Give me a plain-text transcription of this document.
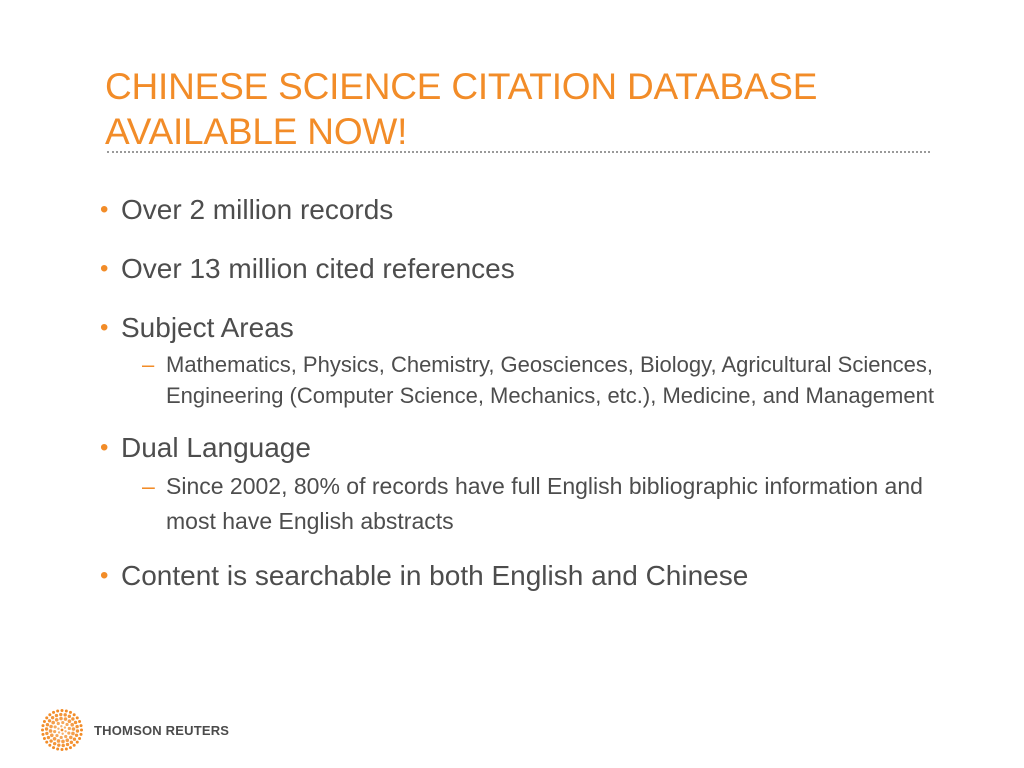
CHINESE SCIENCE CITATION DATABASE AVAILABLE NOW!
• Over 2 million records
• Over 13 million cited references
• Subject Areas
– Mathematics, Physics, Chemistry, Geosciences, Biology, Agricultural Sciences, Engineering (Computer Science, Mechanics, etc.), Medicine, and Management
• Dual Language
– Since 2002, 80% of records have full English bibliographic information and most have English abstracts
• Content is searchable in both English and Chinese
THOMSON REUTERS
